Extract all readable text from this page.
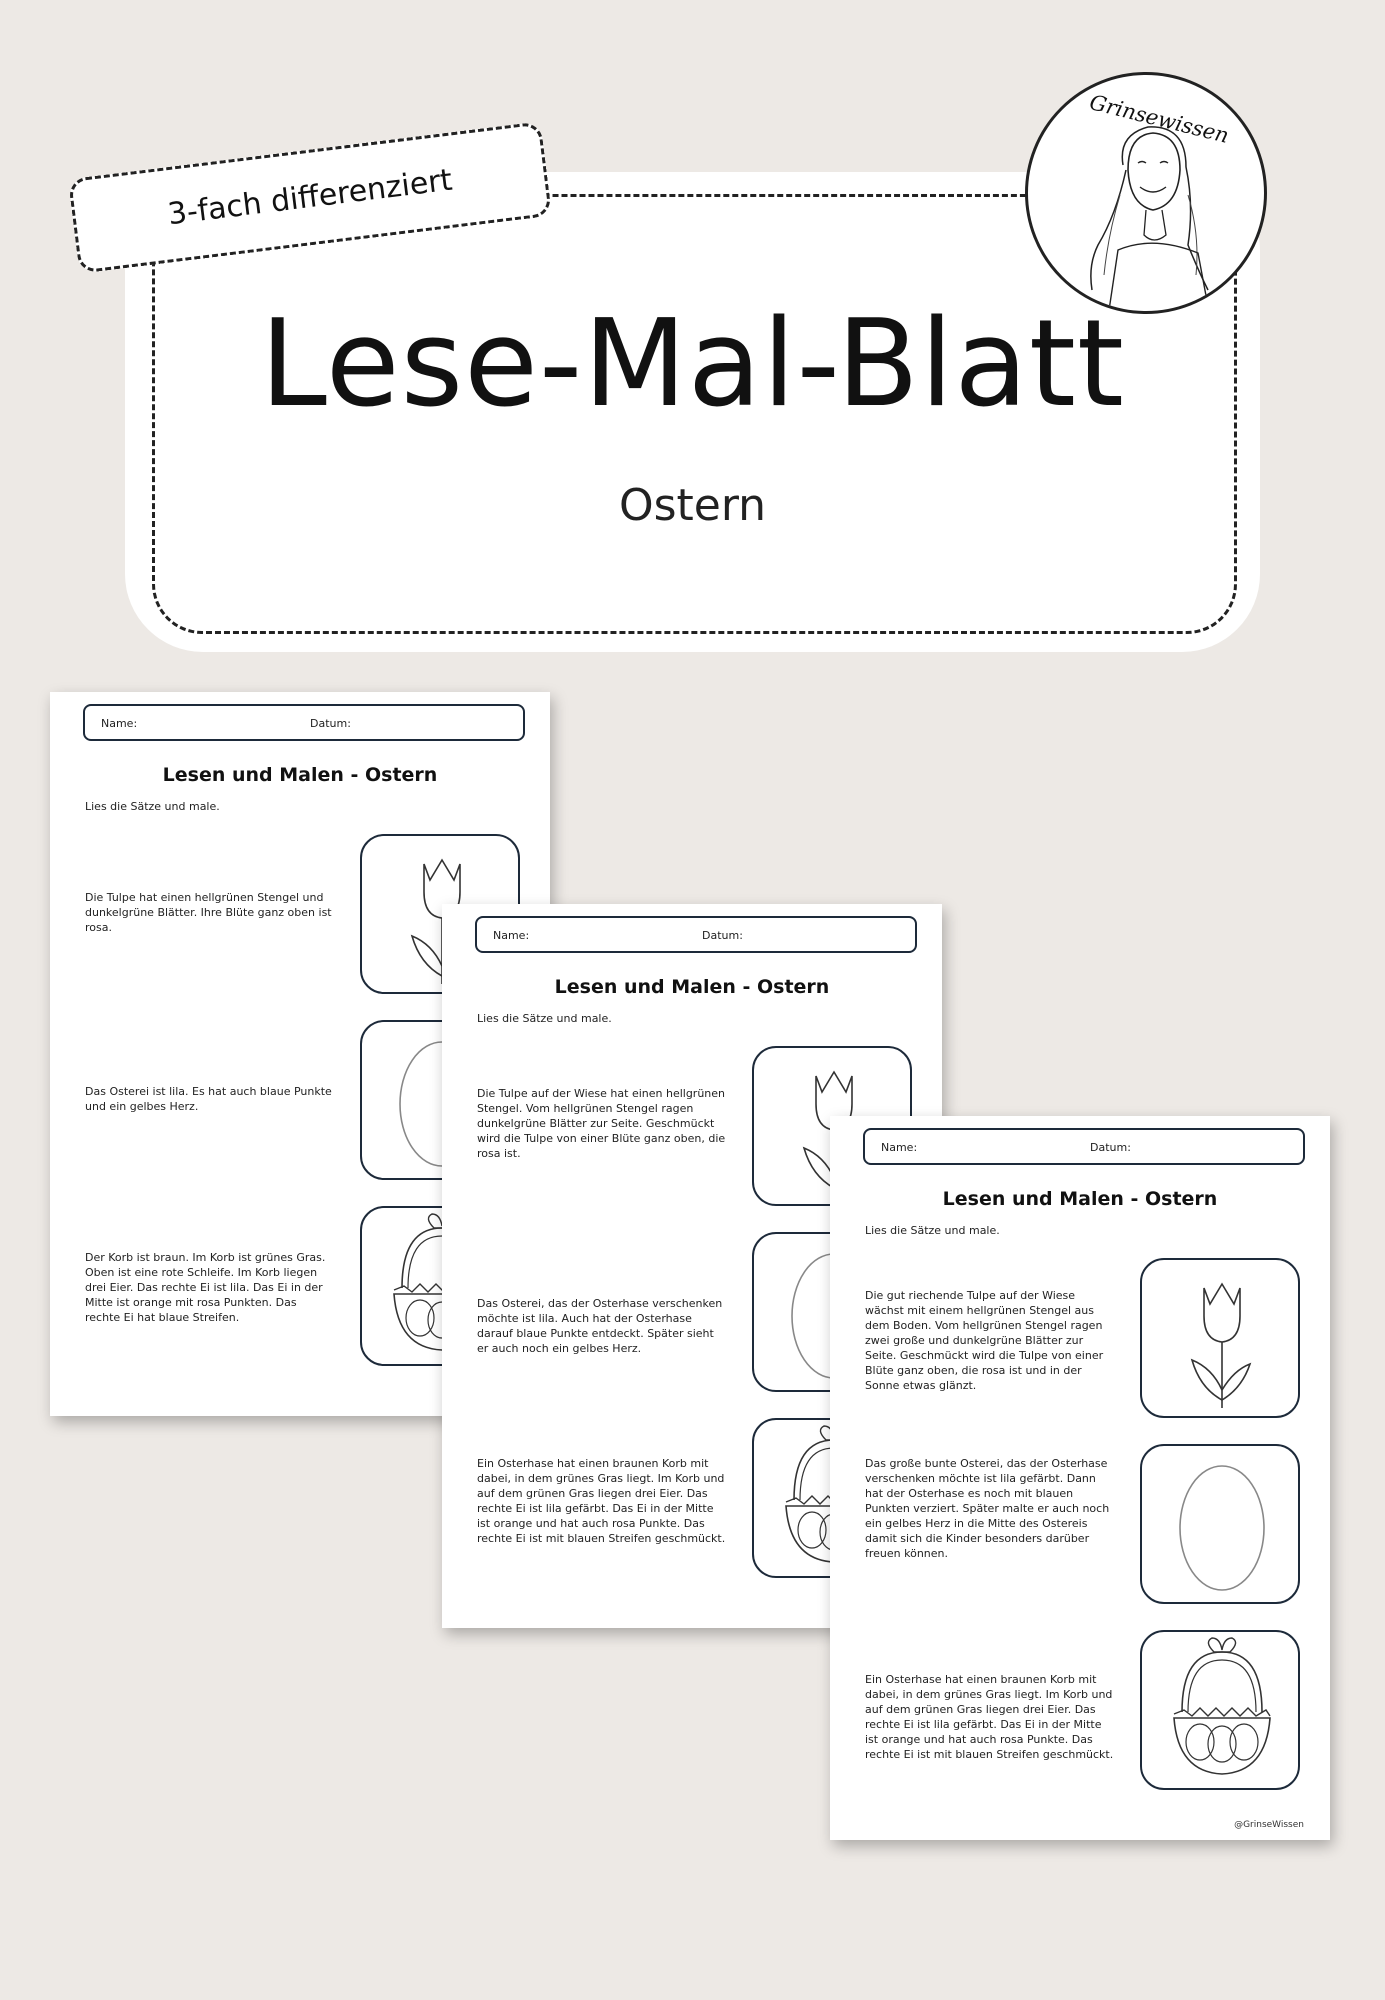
Lese-Mal-Blatt
Ostern
3-fach differenziert
Grinsewissen
Name:	Datum:
Lesen und Malen - Ostern
Lies die Sätze und male.
Die Tulpe hat einen hellgrünen Stengel und dunkelgrüne Blätter. Ihre Blüte ganz oben ist rosa.
Das Osterei ist lila. Es hat auch blaue Punkte und ein gelbes Herz.
Der Korb ist braun. Im Korb ist grünes Gras. Oben ist eine rote Schleife. Im Korb liegen drei Eier. Das rechte Ei ist lila. Das Ei in der Mitte ist orange mit rosa Punkten. Das rechte Ei hat blaue Streifen.
Name:	Datum:
Lesen und Malen - Ostern
Lies die Sätze und male.
Die Tulpe auf der Wiese hat einen hellgrünen Stengel. Vom hellgrünen Stengel ragen dunkelgrüne Blätter zur Seite. Geschmückt wird die Tulpe von einer Blüte ganz oben, die rosa ist.
Das Osterei, das der Osterhase verschenken möchte ist lila. Auch hat der Osterhase darauf blaue Punkte entdeckt. Später sieht er auch noch ein gelbes Herz.
Ein Osterhase hat einen braunen Korb mit dabei, in dem grünes Gras liegt. Im Korb und auf dem grünen Gras liegen drei Eier. Das rechte Ei ist lila gefärbt. Das Ei in der Mitte ist orange und hat auch rosa Punkte. Das rechte Ei ist mit blauen Streifen geschmückt.
Name:	Datum:
Lesen und Malen - Ostern
Lies die Sätze und male.
Die gut riechende Tulpe auf der Wiese wächst mit einem hellgrünen Stengel aus dem Boden. Vom hellgrünen Stengel ragen zwei große und dunkelgrüne Blätter zur Seite. Geschmückt wird die Tulpe von einer Blüte ganz oben, die rosa ist und in der Sonne etwas glänzt.
Das große bunte Osterei, das der Osterhase verschenken möchte ist lila gefärbt. Dann hat der Osterhase es noch mit blauen Punkten verziert. Später malte er auch noch ein gelbes Herz in die Mitte des Ostereis damit sich die Kinder besonders darüber freuen können.
Ein Osterhase hat einen braunen Korb mit dabei, in dem grünes Gras liegt. Im Korb und auf dem grünen Gras liegen drei Eier. Das rechte Ei ist lila gefärbt. Das Ei in der Mitte ist orange und hat auch rosa Punkte. Das rechte Ei ist mit blauen Streifen geschmückt.
@GrinseWissen
